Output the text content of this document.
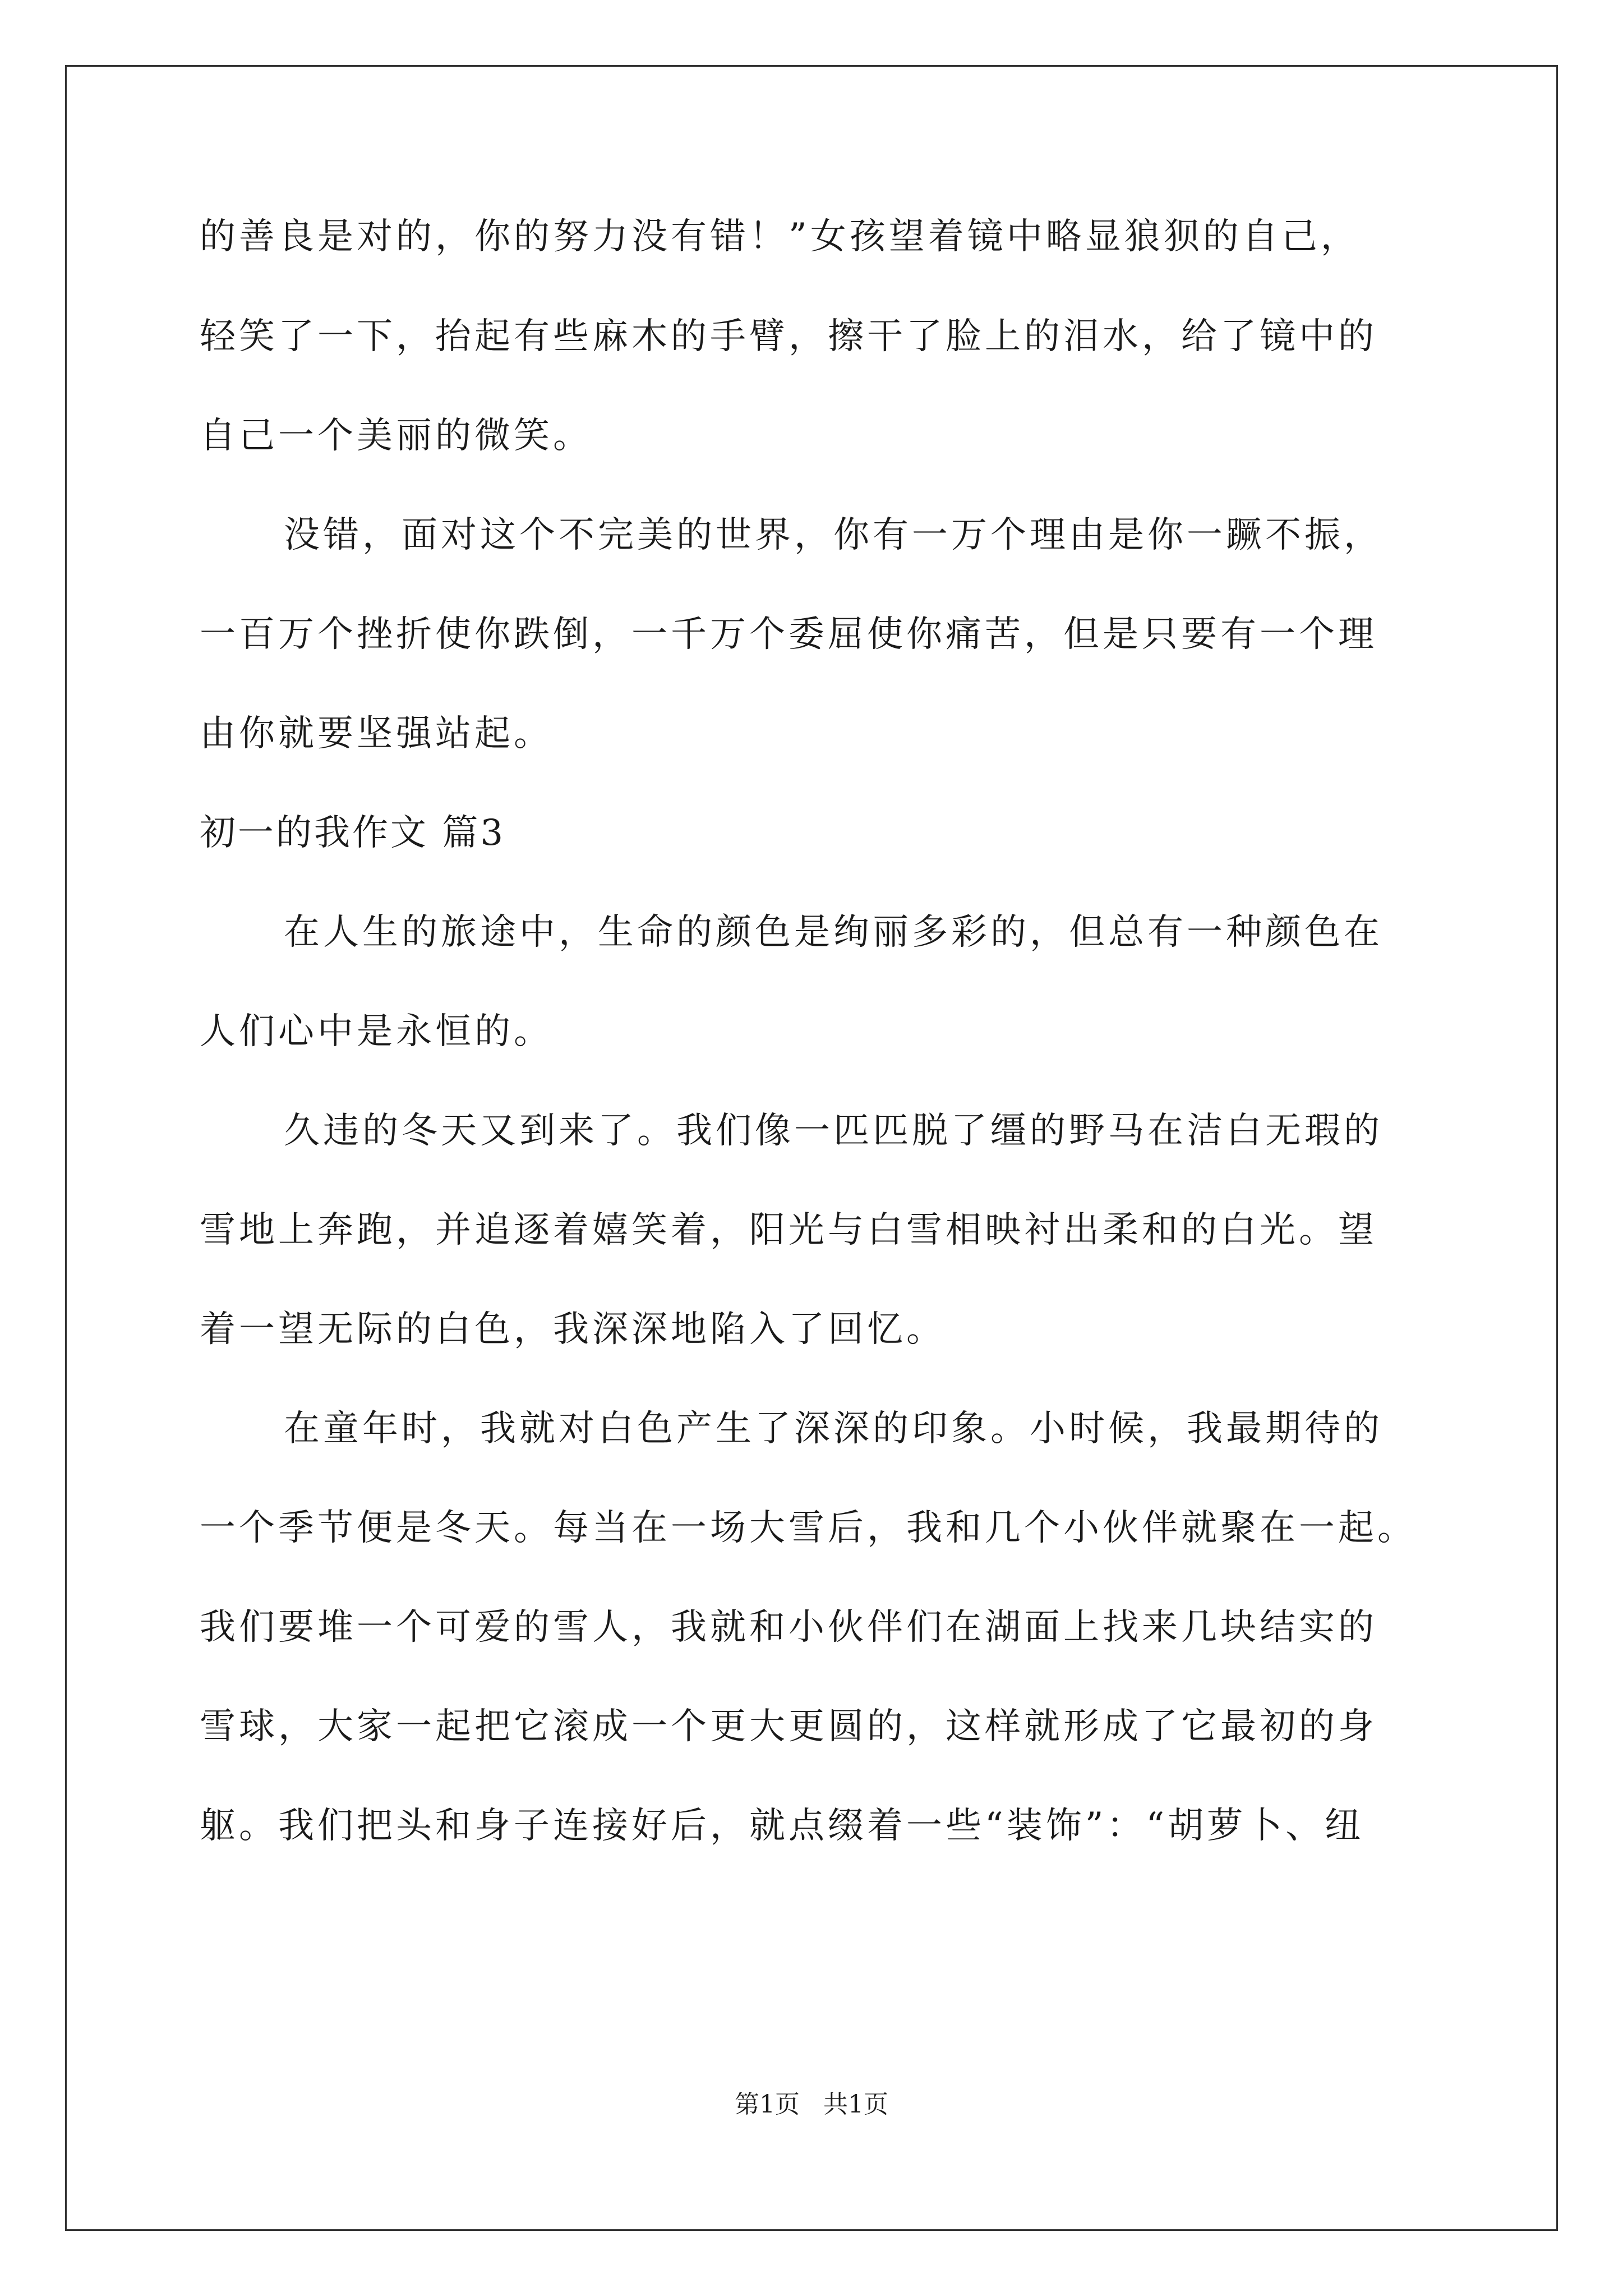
的善良是对的，你的努力没有错！”女孩望着镜中略显狼狈的自己，
轻笑了一下，抬起有些麻木的手臂，擦干了脸上的泪水，给了镜中的
自己一个美丽的微笑。
没错，面对这个不完美的世界，你有一万个理由是你一蹶不振，
一百万个挫折使你跌倒，一千万个委屈使你痛苦，但是只要有一个理
由你就要坚强站起。
初一的我作文 篇3
在人生的旅途中，生命的颜色是绚丽多彩的，但总有一种颜色在
人们心中是永恒的。
久违的冬天又到来了。我们像一匹匹脱了缰的野马在洁白无瑕的
雪地上奔跑，并追逐着嬉笑着，阳光与白雪相映衬出柔和的白光。望
着一望无际的白色，我深深地陷入了回忆。
在童年时，我就对白色产生了深深的印象。小时候，我最期待的
一个季节便是冬天。每当在一场大雪后，我和几个小伙伴就聚在一起。
我们要堆一个可爱的雪人，我就和小伙伴们在湖面上找来几块结实的
雪球，大家一起把它滚成一个更大更圆的，这样就形成了它最初的身
躯。我们把头和身子连接好后，就点缀着一些“装饰”：“胡萝卜、纽
第1页 共1页
